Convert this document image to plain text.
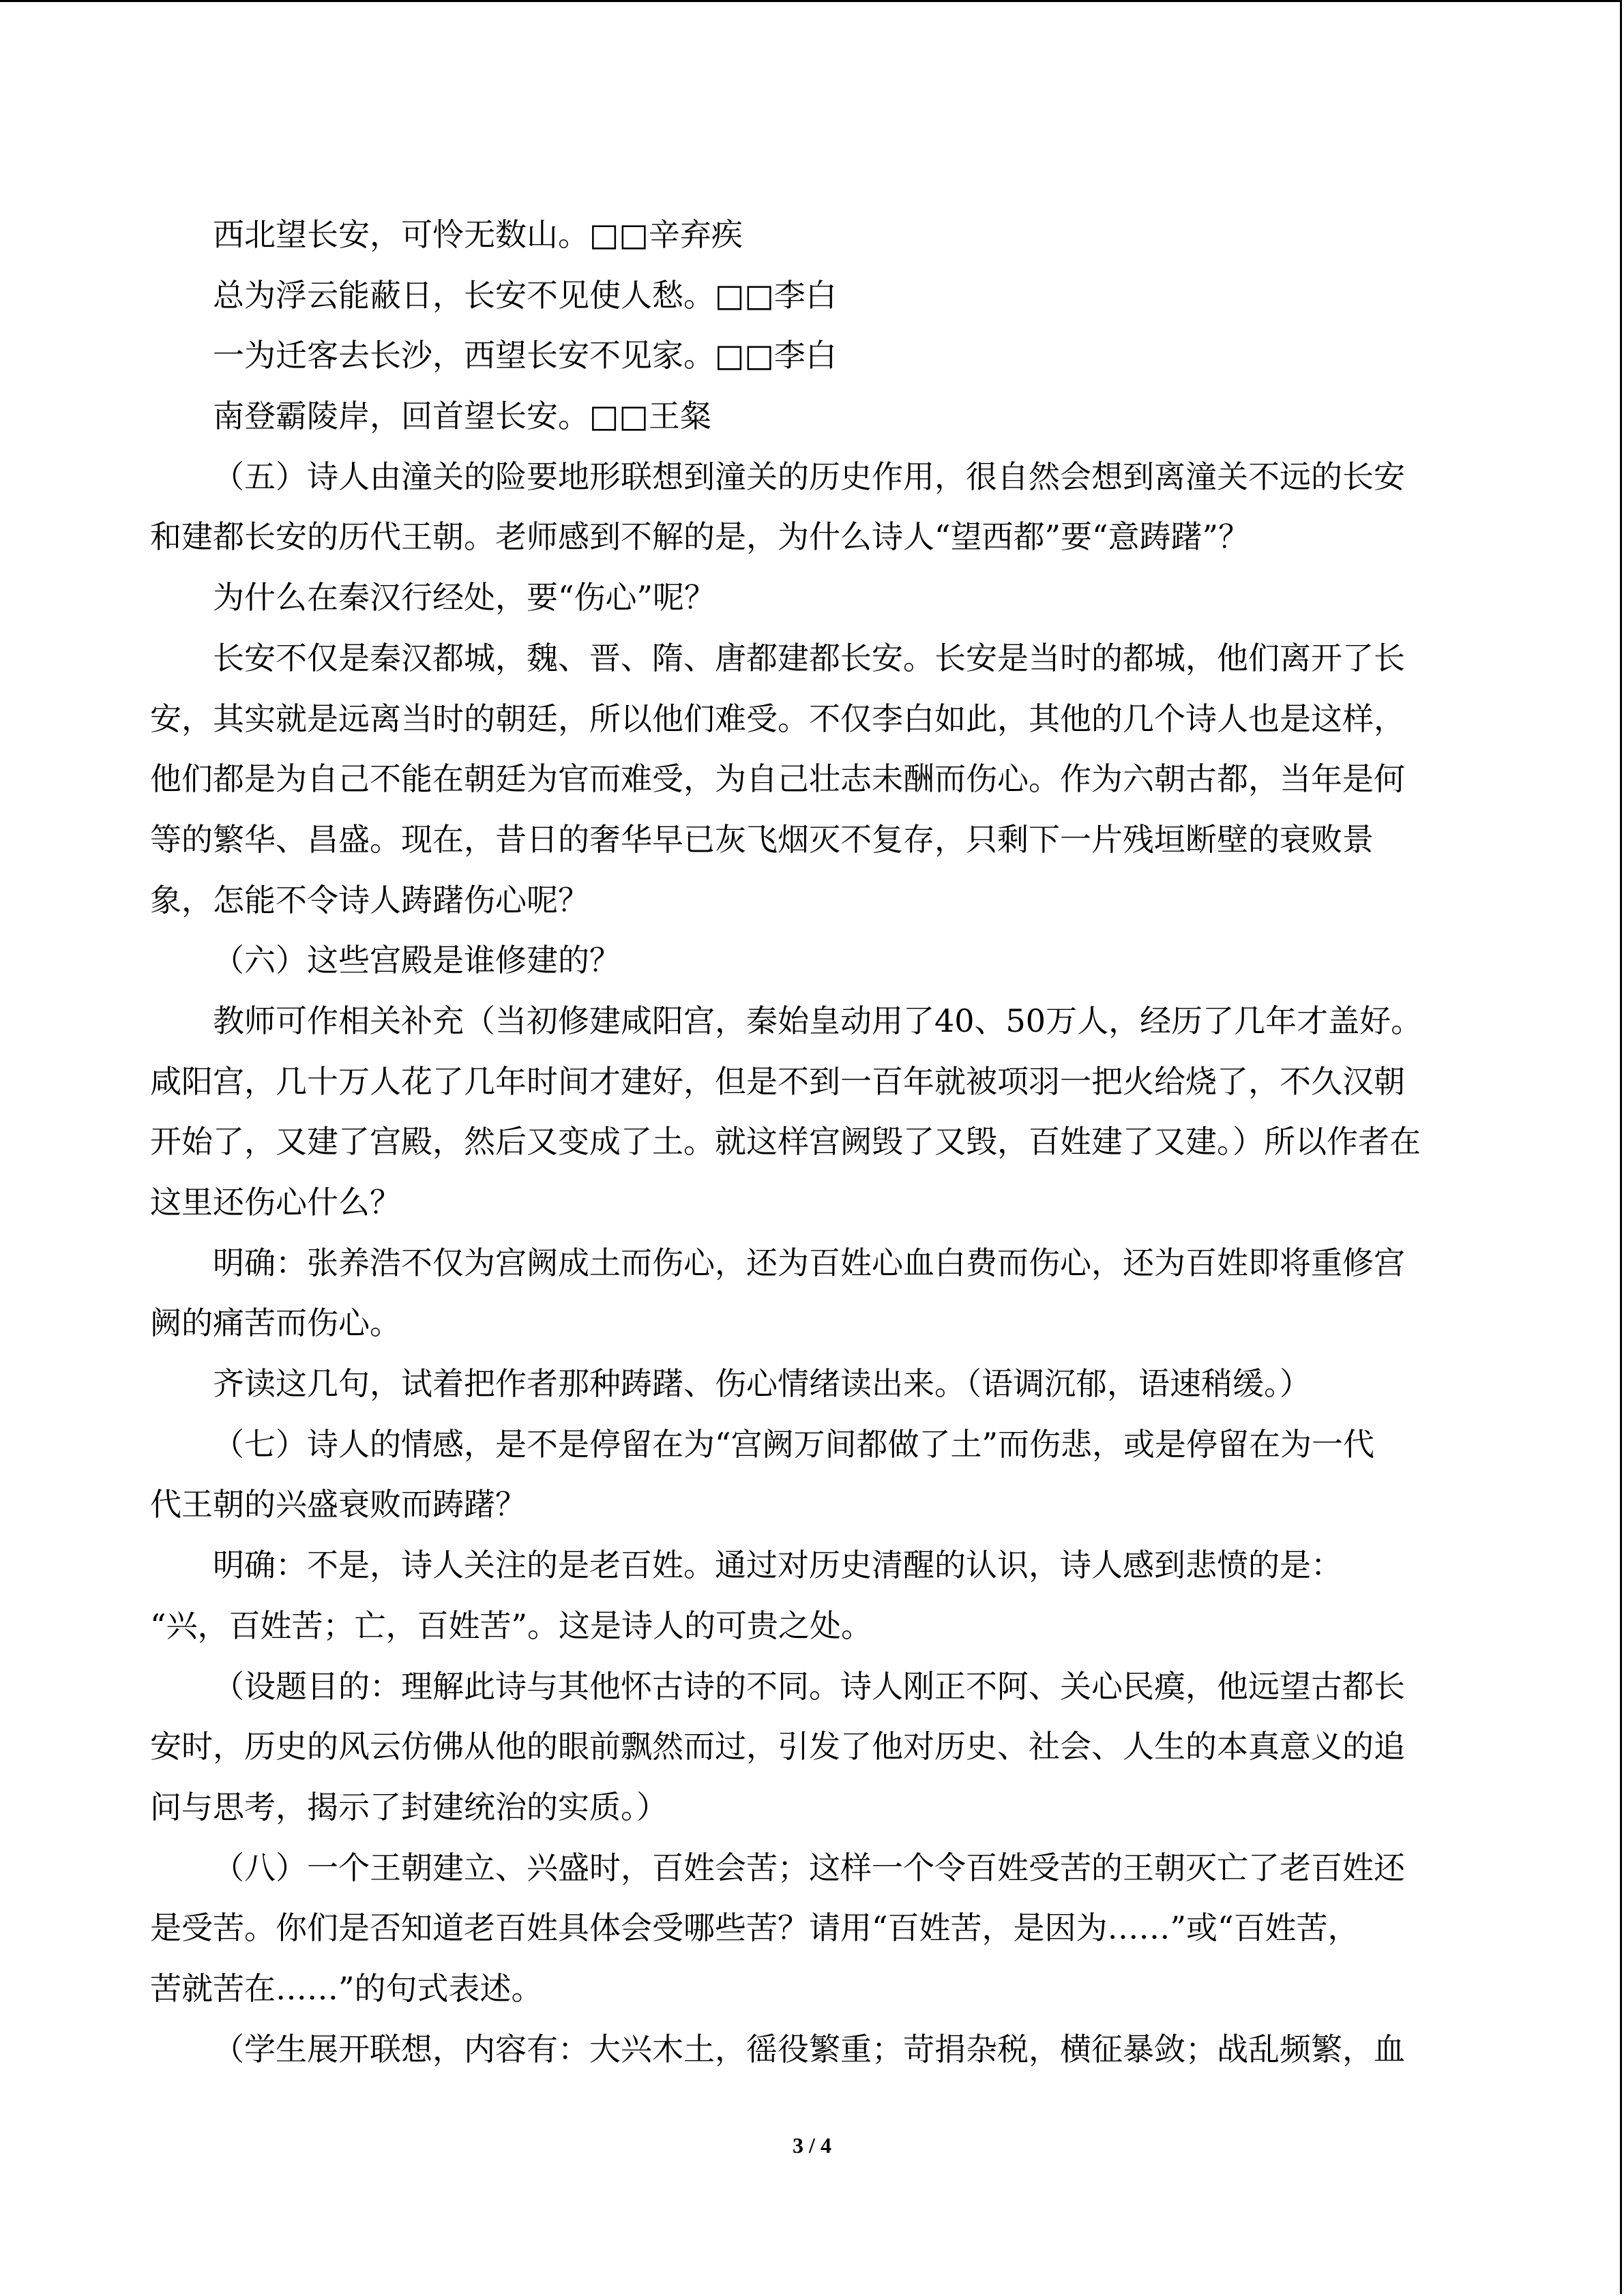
西北望长安，可怜无数山。□□辛弃疾
总为浮云能蔽日，长安不见使人愁。□□李白
一为迁客去长沙，西望长安不见家。□□李白
南登霸陵岸，回首望长安。□□王粲
（五）诗人由潼关的险要地形联想到潼关的历史作用，很自然会想到离潼关不远的长安
和建都长安的历代王朝。老师感到不解的是，为什么诗人“望西都”要“意踌躇”？
为什么在秦汉行经处，要“伤心”呢？
长安不仅是秦汉都城，魏、晋、隋、唐都建都长安。长安是当时的都城，他们离开了长
安，其实就是远离当时的朝廷，所以他们难受。不仅李白如此，其他的几个诗人也是这样，
他们都是为自己不能在朝廷为官而难受，为自己壮志未酬而伤心。作为六朝古都，当年是何
等的繁华、昌盛。现在，昔日的奢华早已灰飞烟灭不复存，只剩下一片残垣断壁的衰败景
象，怎能不令诗人踌躇伤心呢？
（六）这些宫殿是谁修建的？
教师可作相关补充（当初修建咸阳宫，秦始皇动用了40、50万人，经历了几年才盖好。
咸阳宫，几十万人花了几年时间才建好，但是不到一百年就被项羽一把火给烧了，不久汉朝
开始了，又建了宫殿，然后又变成了土。就这样宫阙毁了又毁，百姓建了又建。）所以作者在
这里还伤心什么？
明确：张养浩不仅为宫阙成土而伤心，还为百姓心血白费而伤心，还为百姓即将重修宫
阙的痛苦而伤心。
齐读这几句，试着把作者那种踌躇、伤心情绪读出来。（语调沉郁，语速稍缓。）
（七）诗人的情感，是不是停留在为“宫阙万间都做了土”而伤悲，或是停留在为一代
代王朝的兴盛衰败而踌躇？
明确：不是，诗人关注的是老百姓。通过对历史清醒的认识，诗人感到悲愤的是：
“兴，百姓苦；亡，百姓苦”。这是诗人的可贵之处。
（设题目的：理解此诗与其他怀古诗的不同。诗人刚正不阿、关心民瘼，他远望古都长
安时，历史的风云仿佛从他的眼前飘然而过，引发了他对历史、社会、人生的本真意义的追
问与思考，揭示了封建统治的实质。）
（八）一个王朝建立、兴盛时，百姓会苦；这样一个令百姓受苦的王朝灭亡了老百姓还
是受苦。你们是否知道老百姓具体会受哪些苦？请用“百姓苦，是因为……”或“百姓苦，
苦就苦在……”的句式表述。
（学生展开联想，内容有：大兴木土，徭役繁重；苛捐杂税，横征暴敛；战乱频繁，血
3 / 4
